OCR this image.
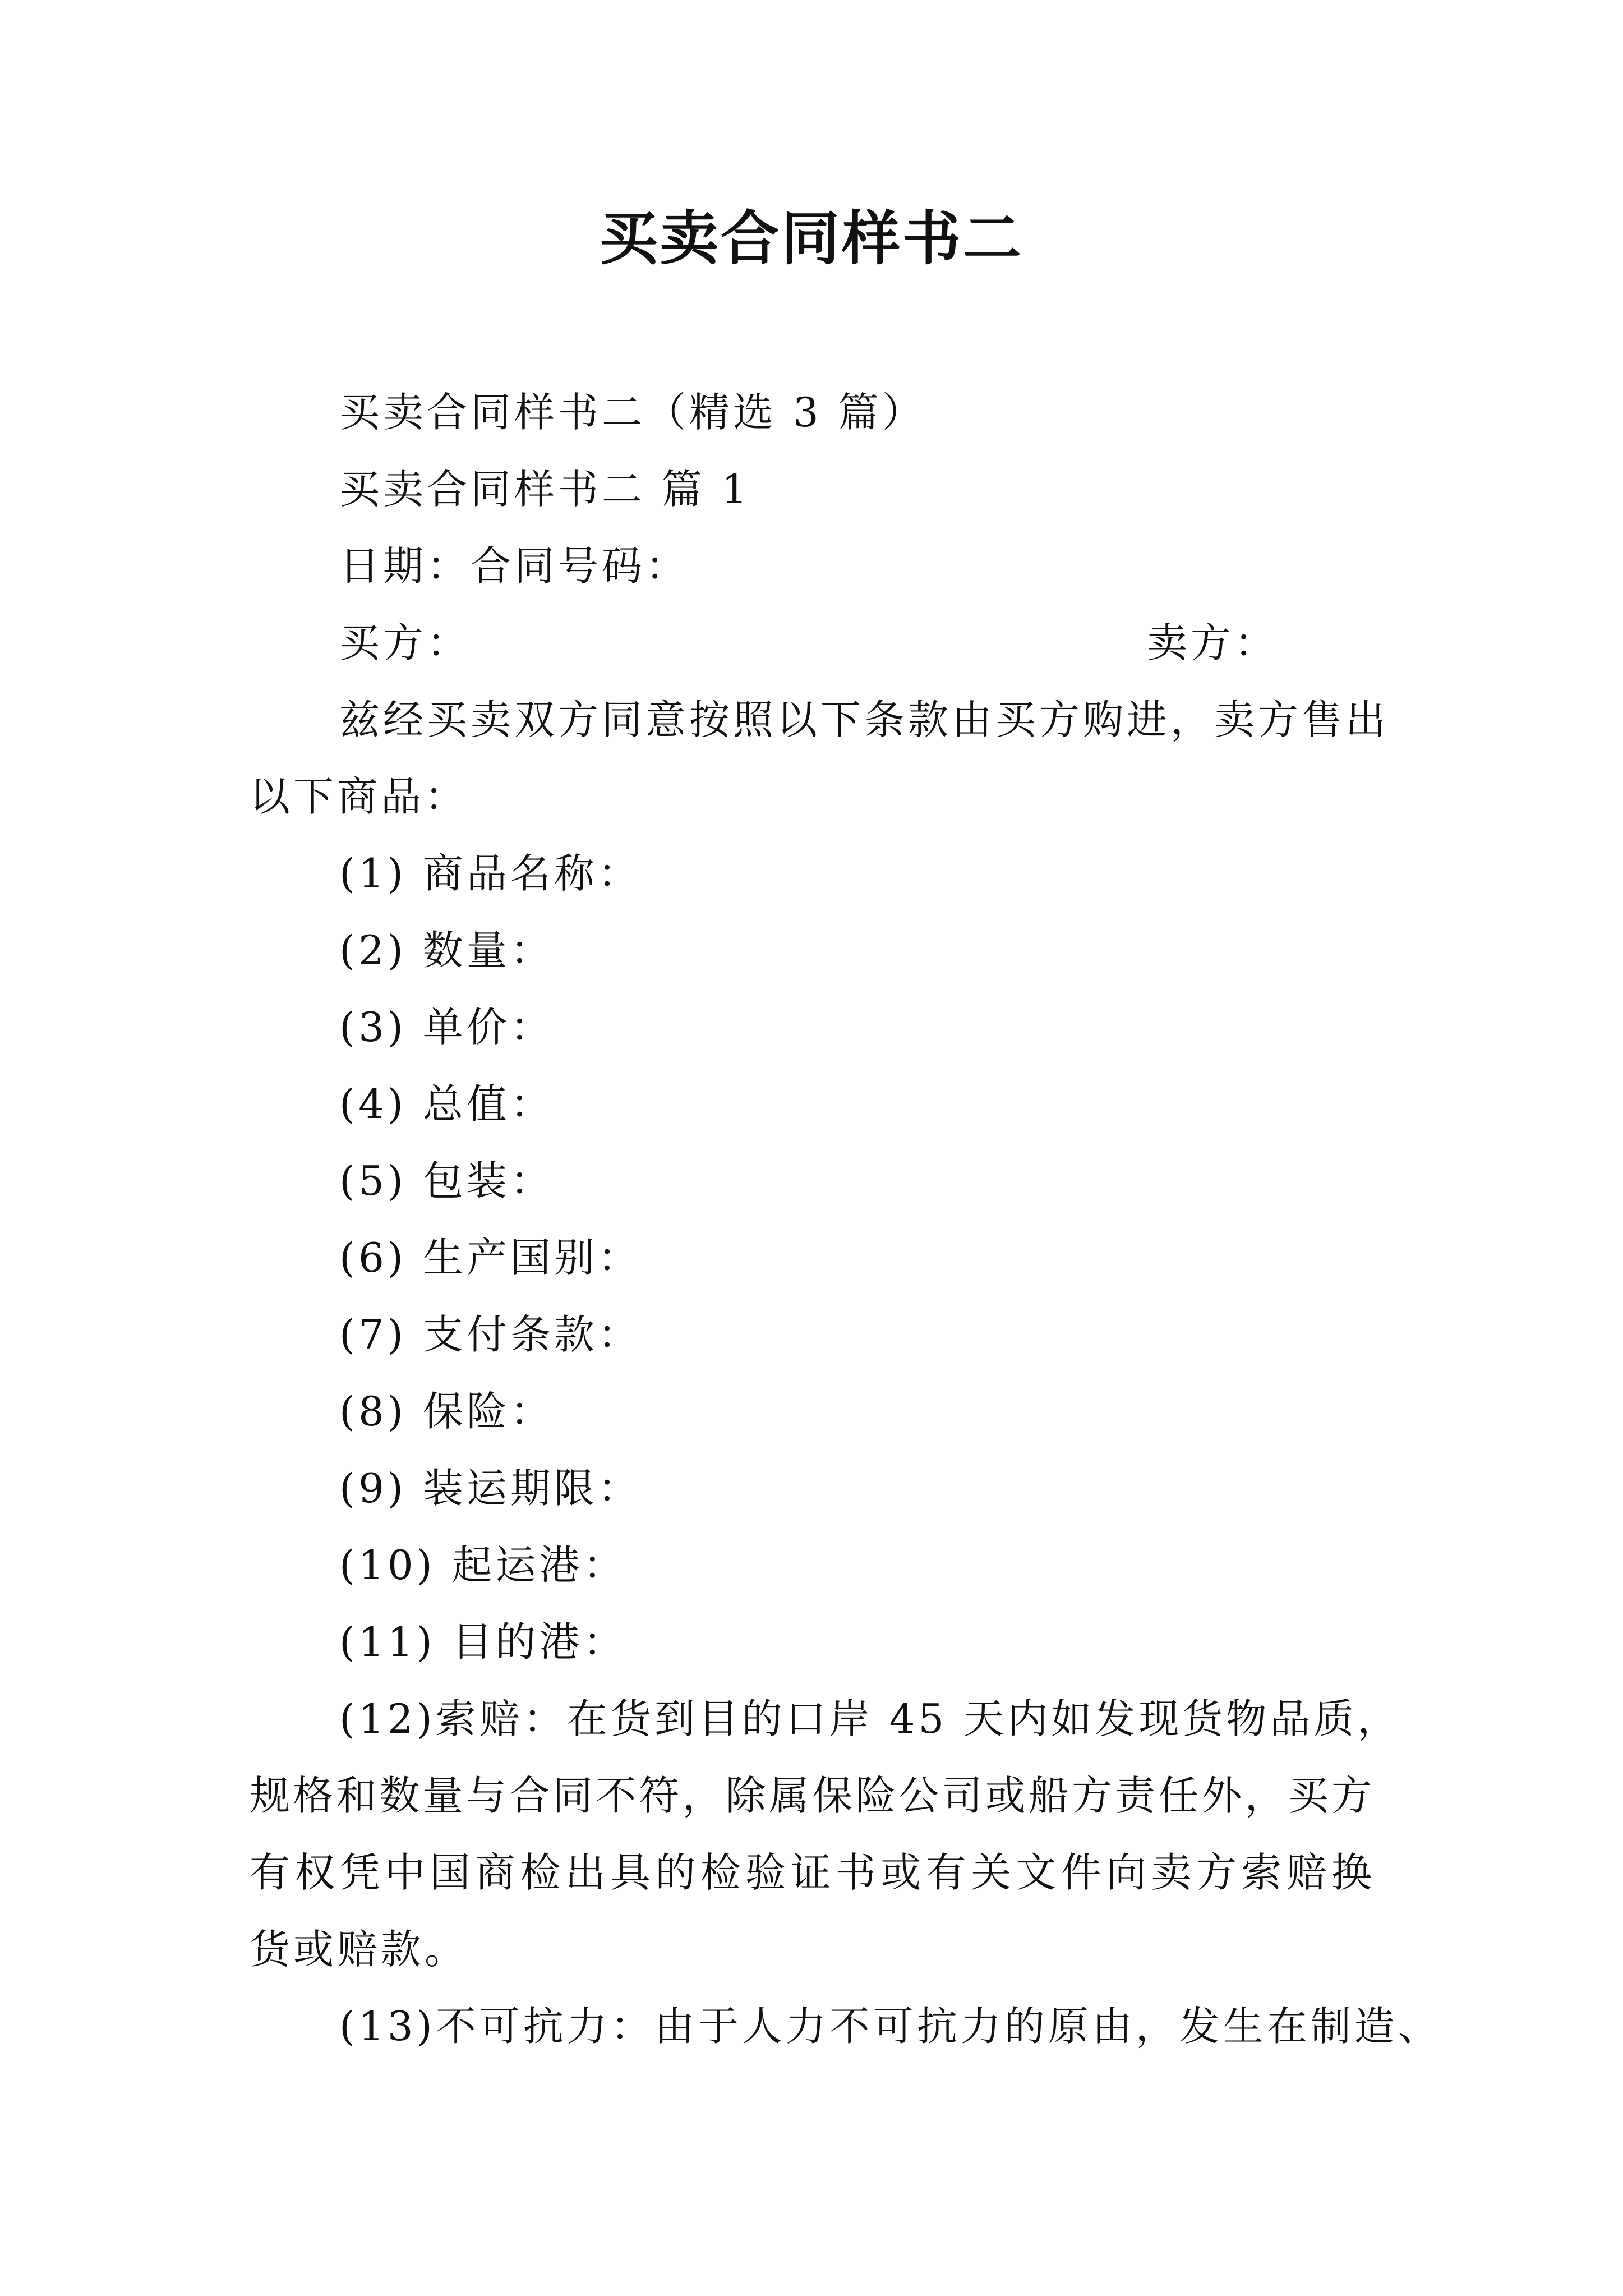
买卖合同样书二
买卖合同样书二（精选 3 篇）
买卖合同样书二 篇 1
日期：合同号码：
买方：	卖方：
兹经买卖双方同意按照以下条款由买方购进，卖方售出
以下商品：
(1) 商品名称：
(2) 数量：
(3) 单价：
(4) 总值：
(5) 包装：
(6) 生产国别：
(7) 支付条款：
(8) 保险：
(9) 装运期限：
(10) 起运港：
(11) 目的港：
(12)索赔：在货到目的口岸 45 天内如发现货物品质，
规格和数量与合同不符，除属保险公司或船方责任外，买方
有权凭中国商检出具的检验证书或有关文件向卖方索赔换
货或赔款。
(13)不可抗力：由于人力不可抗力的原由，发生在制造、
